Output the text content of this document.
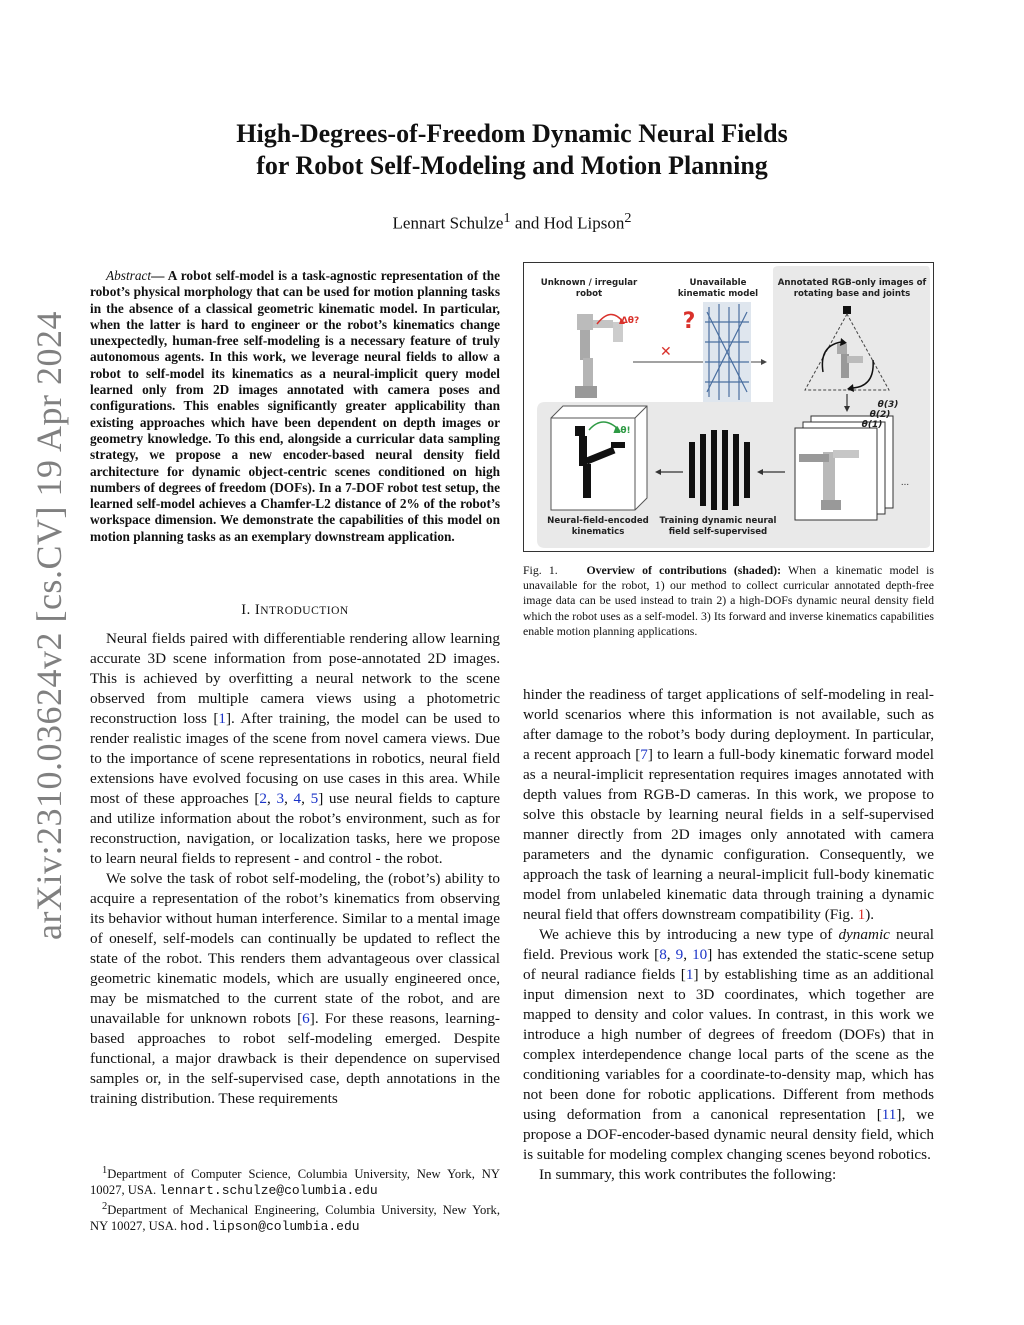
arXiv:2310.03624v2 [cs.CV] 19 Apr 2024
High-Degrees-of-Freedom Dynamic Neural Fields
for Robot Self-Modeling and Motion Planning
Lennart Schulze$^1$ and Hod Lipson$^2$
Abstract— A robot self-model is a task-agnostic representation of the robot’s physical morphology that can be used for motion planning tasks in the absence of a classical geometric kinematic model. In particular, when the latter is hard to engineer or the robot’s kinematics change unexpectedly, human-free self-modeling is a necessary feature of truly autonomous agents. In this work, we leverage neural fields to allow a robot to self-model its kinematics as a neural-implicit query model learned only from 2D images annotated with camera poses and configurations. This enables significantly greater applicability than existing approaches which have been dependent on depth images or geometry knowledge. To this end, alongside a curricular data sampling strategy, we propose a new encoder-based neural density field architecture for dynamic object-centric scenes conditioned on high numbers of degrees of freedom (DOFs). In a 7-DOF robot test setup, the learned self-model achieves a Chamfer-L2 distance of 2% of the robot’s workspace dimension. We demonstrate the capabilities of this model on motion planning tasks as an exemplary downstream application.
I. INTRODUCTION

Neural fields paired with differentiable rendering allow learning accurate 3D scene information from pose-annotated 2D images. This is achieved by overfitting a neural network to the scene observed from multiple camera views using a photometric reconstruction loss [1]. After training, the model can be used to render realistic images of the scene from novel camera views. Due to the importance of scene representations in robotics, neural field extensions have evolved focusing on use cases in this area. While most of these approaches [2, 3, 4, 5] use neural fields to capture and utilize information about the robot’s environment, such as for reconstruction, navigation, or localization tasks, here we propose to learn neural fields to represent - and control - the robot.

We solve the task of robot self-modeling, the (robot’s) ability to acquire a representation of the robot’s kinematics from observing its behavior without human interference. Similar to a mental image of oneself, self-models can continually be updated to reflect the state of the robot. This renders them advantageous over classical geometric kinematic models, which are usually engineered once, may be mismatched to the current state of the robot, and are unavailable for unknown robots [6]. For these reasons, learning-based approaches to robot self-modeling emerged. Despite functional, a major drawback is their dependence on supervised samples or, in the self-supervised case, depth annotations in the training distribution. These requirements

$^1$Department of Computer Science, Columbia University, New York, NY 10027, USA. lennart.schulze@columbia.edu

$^2$Department of Mechanical Engineering, Columbia University, New York, NY 10027, USA. hod.lipson@columbia.edu

✕
Unknown / irregular robot
Unavailable kinematic model
Annotated RGB-only images of rotating base and joints
Neural-field-encoded kinematics
Training dynamic neural field self-supervised
Δθ?
Δθ!
?
θ(3)
θ(2)
θ(1)
...
Fig. 1. Overview of contributions (shaded): When a kinematic model is unavailable for the robot, 1) our method to collect curricular annotated depth-free image data can be used instead to train 2) a high-DOFs dynamic neural density field which the robot uses as a self-model. 3) Its forward and inverse kinematics capabilities enable motion planning applications.

hinder the readiness of target applications of self-modeling in real-world scenarios where this information is not available, such as after damage to the robot’s body during deployment. In particular, a recent approach [7] to learn a full-body kinematic forward model as a neural-implicit representation requires images annotated with depth values from RGB-D cameras. In this work, we propose to solve this obstacle by learning neural fields in a self-supervised manner directly from 2D images only annotated with camera parameters and the dynamic configuration. Consequently, we approach the task of learning a neural-implicit full-body kinematic model from unlabeled kinematic data through training a dynamic neural field that offers downstream compatibility (Fig. 1).

We achieve this by introducing a new type of dynamic neural field. Previous work [8, 9, 10] has extended the static-scene setup of neural radiance fields [1] by establishing time as an additional input dimension next to 3D coordinates, which together are mapped to density and color values. In contrast, in this work we introduce a high number of degrees of freedom (DOFs) that in complex interdependence change local parts of the scene as the conditioning variables for a coordinate-to-density map, which has not been done for robotic applications. Different from methods using deformation from a canonical representation [11], we propose a DOF-encoder-based dynamic neural density field, which is suitable for modeling complex changing scenes beyond robotics.

In summary, this work contributes the following:
